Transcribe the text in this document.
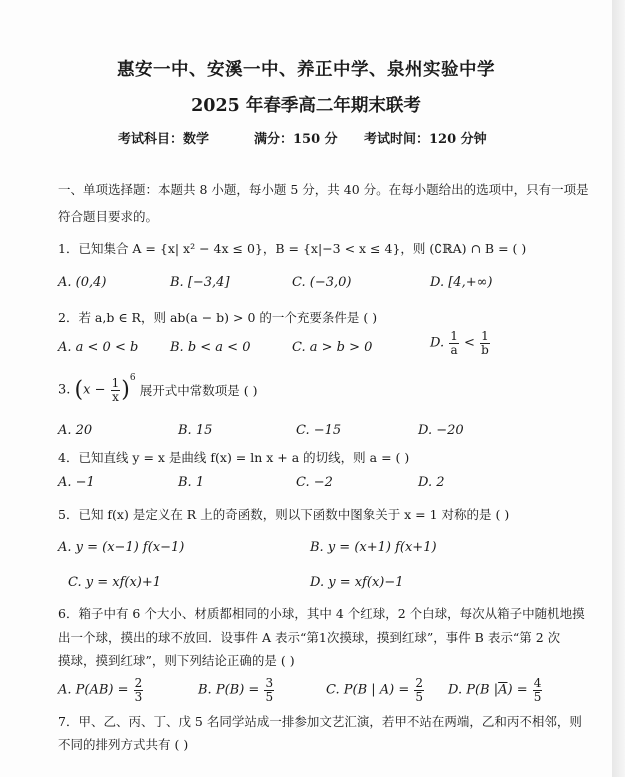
惠安一中、安溪一中、养正中学、泉州实验中学
2025 年春季高二年期末联考
考试科目：数学	满分：150 分 考试时间：120 分钟
一、单项选择题：本题共 8 小题，每小题 5 分，共 40 分。在每小题给出的选项中，只有一项是
符合题目要求的。
1．已知集合 A = {x| x² − 4x ≤ 0}，B = {x|−3 < x ≤ 4}，则 (∁ℝA) ∩ B = ( )
A. (0,4)	B. [−3,4]	C. (−3,0)	D. [4,+∞)
2．若 a,b ∈ R，则 ab(a − b) > 0 的一个充要条件是 ( )
A. a < 0 < b B. b < a < 0	C. a > b > 0	D. $\frac{1}{a} < \frac{1}{b}$
3. $(x - \frac{1}{x} )^6$ 展开式中常数项是 ( )
A. 20	B. 15	C. −15	D. −20
4．已知直线 y = x 是曲线 f(x) = ln x + a 的切线，则 a = ( )
A. −1	B. 1	C. −2	D. 2
5．已知 f(x) 是定义在 R 上的奇函数，则以下函数中图象关于 x = 1 对称的是 ( )
A. y = (x−1) f(x−1)	B. y = (x+1) f(x+1)
C. y = xf(x)+1	D. y = xf(x)−1
6．箱子中有 6 个大小、材质都相同的小球，其中 4 个红球，2 个白球，每次从箱子中随机地摸
出一个球，摸出的球不放回．设事件 A 表示“第1次摸球，摸到红球”，事件 B 表示“第 2 次
摸球，摸到红球”，则下列结论正确的是 ( )
A. $P(AB) = \frac{2}{3}$	B. $P(B) = \frac{3}{5}$	C. P(B | $A) = \frac{2}{5} D$. P(B $|\overline{A}) = \frac{4}{5}$
7．甲、乙、丙、丁、戊 5 名同学站成一排参加文艺汇演，若甲不站在两端，乙和丙不相邻，则
不同的排列方式共有 ( )
